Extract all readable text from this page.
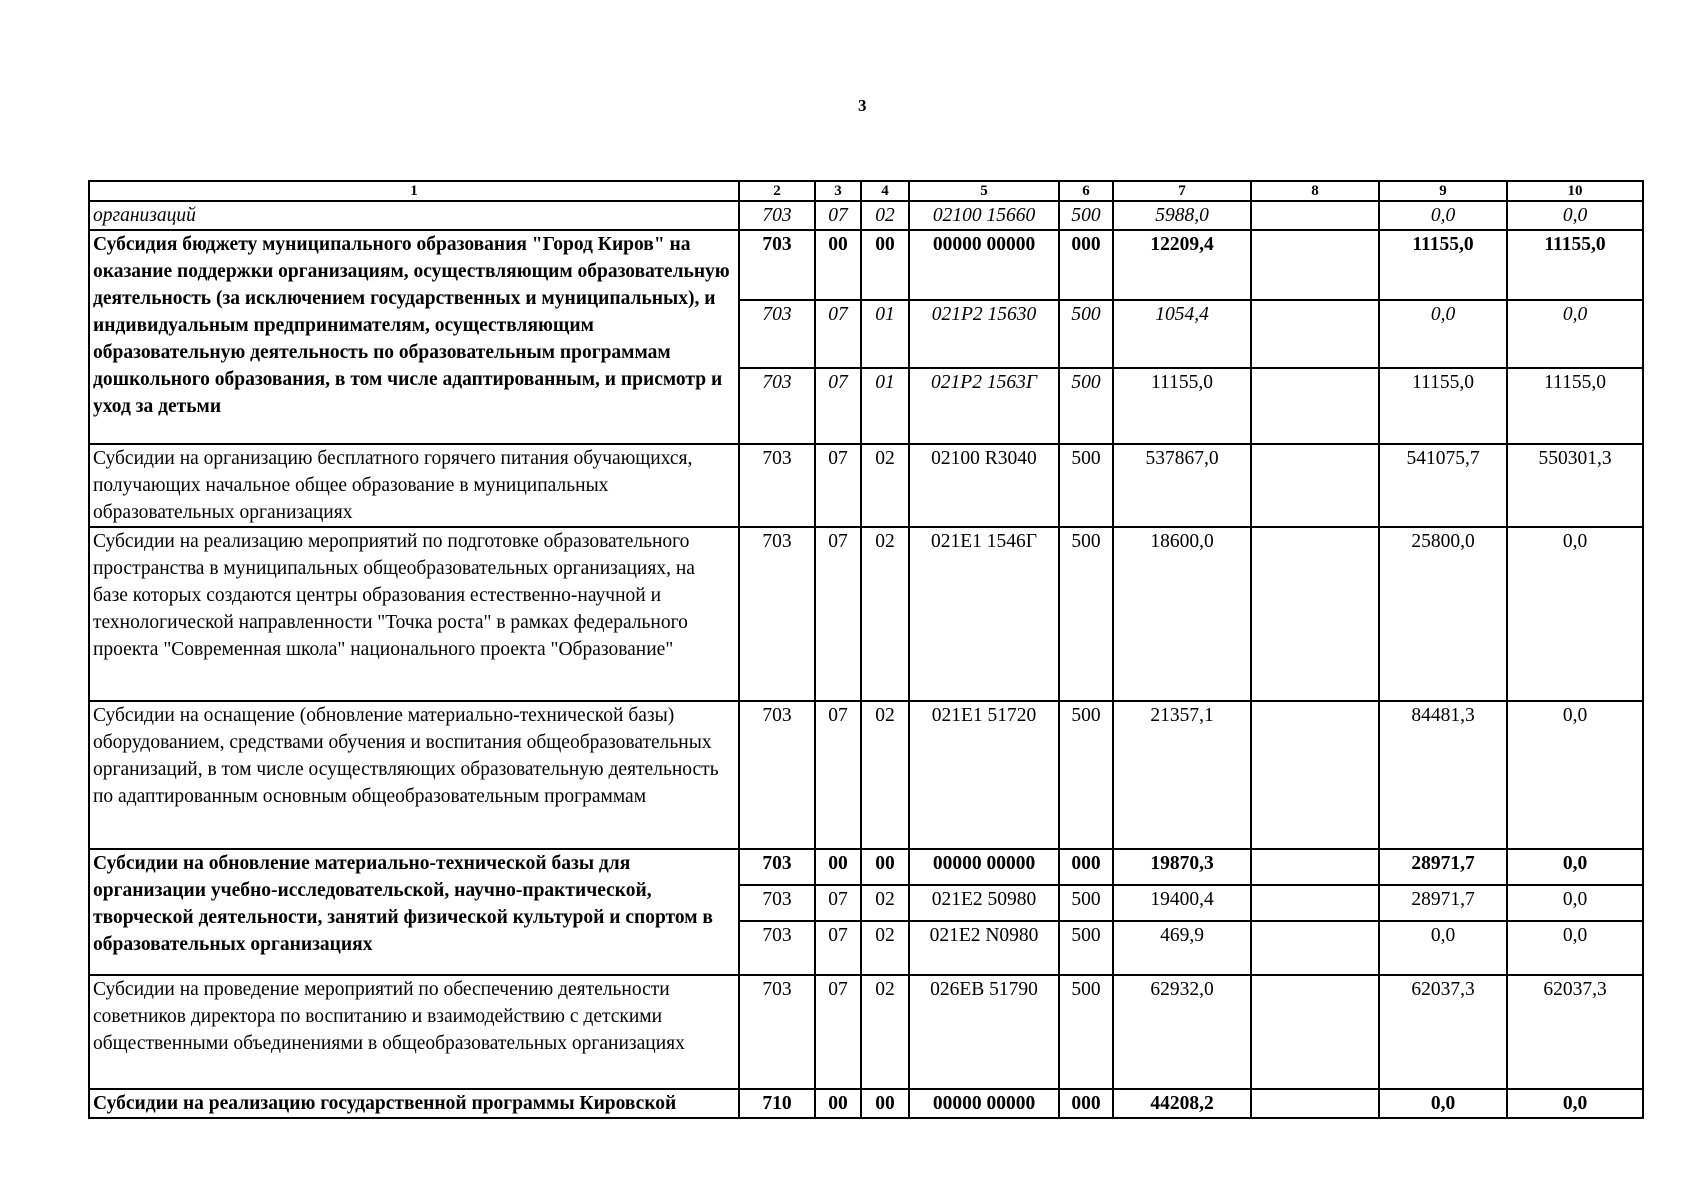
3
1	2	3	4	5	6	7	8	9	10
организаций	703	07	02	02100 15660	500	5988,0		0,0	0,0
Субсидия бюджету муниципального образования "Город Киров" на оказание поддержки организациям, осуществляющим образовательную деятельность (за исключением государственных и муниципальных), и индивидуальным предпринимателям, осуществляющим образовательную деятельность по образовательным программам дошкольного образования, в том числе адаптированным, и присмотр и уход за детьми	703	00	00	00000 00000	000	12209,4		11155,0	11155,0
	703	07	01	021P2 15630	500	1054,4		0,0	0,0
	703	07	01	021P2 1563Г	500	11155,0		11155,0	11155,0
Субсидии на организацию бесплатного горячего питания обучающихся, получающих начальное общее образование в муниципальных образовательных организациях	703	07	02	02100 R3040	500	537867,0		541075,7	550301,3
Субсидии на реализацию мероприятий по подготовке образовательного пространства в муниципальных общеобразовательных организациях, на базе которых создаются центры образования естественно-научной и технологической направленности "Точка роста" в рамках федерального проекта "Современная школа" национального проекта "Образование"	703	07	02	021E1 1546Г	500	18600,0		25800,0	0,0
Субсидии на оснащение (обновление материально-технической базы) оборудованием, средствами обучения и воспитания общеобразовательных организаций, в том числе осуществляющих образовательную деятельность по адаптированным основным общеобразовательным программам	703	07	02	021E1 51720	500	21357,1		84481,3	0,0
Субсидии на обновление материально-технической базы для организации учебно-исследовательской, научно-практической, творческой деятельности, занятий физической культурой и спортом в образовательных организациях	703	00	00	00000 00000	000	19870,3		28971,7	0,0
	703	07	02	021E2 50980	500	19400,4		28971,7	0,0
	703	07	02	021E2 N0980	500	469,9		0,0	0,0
Субсидии на проведение мероприятий по обеспечению деятельности советников директора по воспитанию и взаимодействию с детскими общественными объединениями в общеобразовательных организациях	703	07	02	026EB 51790	500	62932,0		62037,3	62037,3
Субсидии на реализацию государственной программы Кировской	710	00	00	00000 00000	000	44208,2		0,0	0,0
